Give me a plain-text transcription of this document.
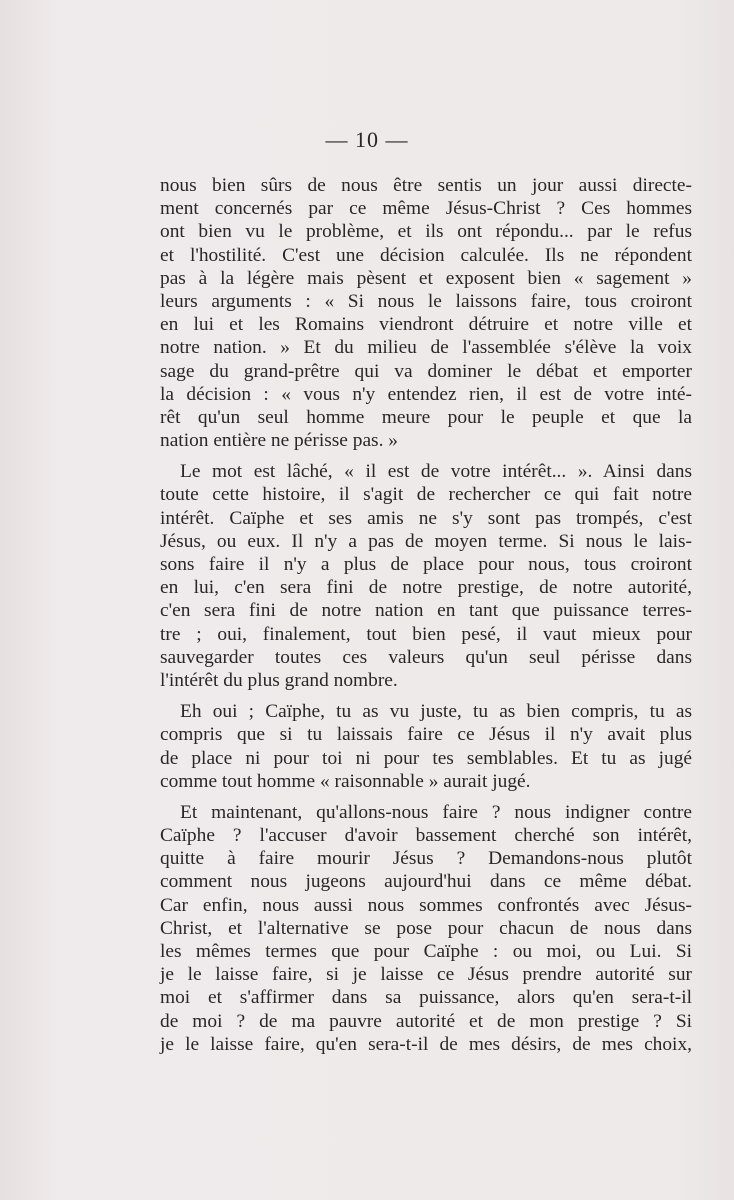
— 10 —
nous bien sûrs de nous être sentis un jour aussi directe-
ment concernés par ce même Jésus-Christ ? Ces hommes
ont bien vu le problème, et ils ont répondu... par le refus
et l'hostilité. C'est une décision calculée. Ils ne répondent
pas à la légère mais pèsent et exposent bien « sagement »
leurs arguments : « Si nous le laissons faire, tous croiront
en lui et les Romains viendront détruire et notre ville et
notre nation. » Et du milieu de l'assemblée s'élève la voix
sage du grand-prêtre qui va dominer le débat et emporter
la décision : « vous n'y entendez rien, il est de votre inté-
rêt qu'un seul homme meure pour le peuple et que la
nation entière ne périsse pas. »
Le mot est lâché, « il est de votre intérêt... ». Ainsi dans
toute cette histoire, il s'agit de rechercher ce qui fait notre
intérêt. Caïphe et ses amis ne s'y sont pas trompés, c'est
Jésus, ou eux. Il n'y a pas de moyen terme. Si nous le lais-
sons faire il n'y a plus de place pour nous, tous croiront
en lui, c'en sera fini de notre prestige, de notre autorité,
c'en sera fini de notre nation en tant que puissance terres-
tre ; oui, finalement, tout bien pesé, il vaut mieux pour
sauvegarder toutes ces valeurs qu'un seul périsse dans
l'intérêt du plus grand nombre.
Eh oui ; Caïphe, tu as vu juste, tu as bien compris, tu as
compris que si tu laissais faire ce Jésus il n'y avait plus
de place ni pour toi ni pour tes semblables. Et tu as jugé
comme tout homme « raisonnable » aurait jugé.
Et maintenant, qu'allons-nous faire ? nous indigner contre
Caïphe ? l'accuser d'avoir bassement cherché son intérêt,
quitte à faire mourir Jésus ? Demandons-nous plutôt
comment nous jugeons aujourd'hui dans ce même débat.
Car enfin, nous aussi nous sommes confrontés avec Jésus-
Christ, et l'alternative se pose pour chacun de nous dans
les mêmes termes que pour Caïphe : ou moi, ou Lui. Si
je le laisse faire, si je laisse ce Jésus prendre autorité sur
moi et s'affirmer dans sa puissance, alors qu'en sera-t-il
de moi ? de ma pauvre autorité et de mon prestige ? Si
je le laisse faire, qu'en sera-t-il de mes désirs, de mes choix,
